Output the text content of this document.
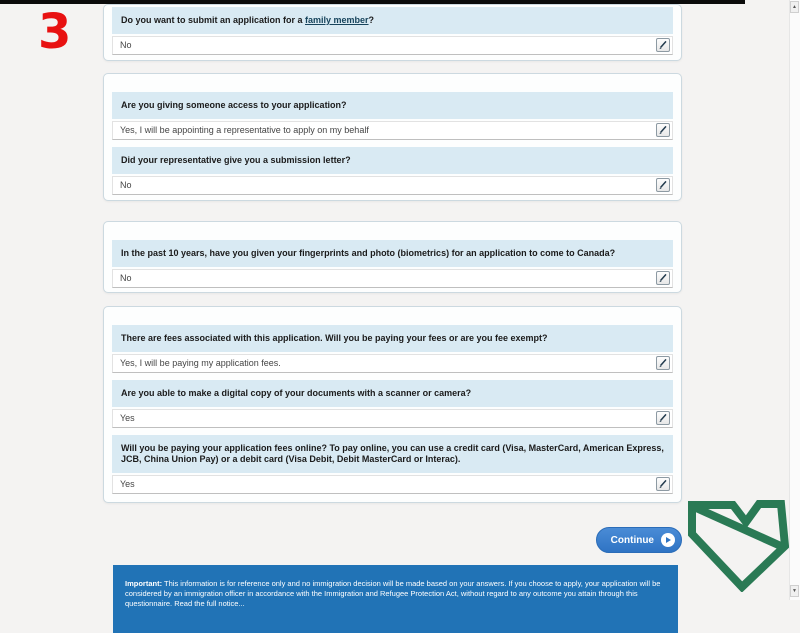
3	Do you want to submit an application for a family member?
No
Are you giving someone access to your application?
Yes, I will be appointing a representative to apply on my behalf
Did your representative give you a submission letter?
No
In the past 10 years, have you given your fingerprints and photo (biometrics) for an application to come to Canada?
No
There are fees associated with this application. Will you be paying your fees or are you fee exempt?
Yes, I will be paying my application fees.
Are you able to make a digital copy of your documents with a scanner or camera?
Yes
Will you be paying your application fees online? To pay online, you can use a credit card (Visa, MasterCard, American Express, JCB, China Union Pay) or a debit card (Visa Debit, Debit MasterCard or Interac).
Yes
Continue
Important: This information is for reference only and no immigration decision will be made based on your answers. If you choose to apply, your application will be considered by an immigration officer in accordance with the Immigration and Refugee Protection Act, without regard to any outcome you attain through this questionnaire. Read the full notice...
▲
▼
